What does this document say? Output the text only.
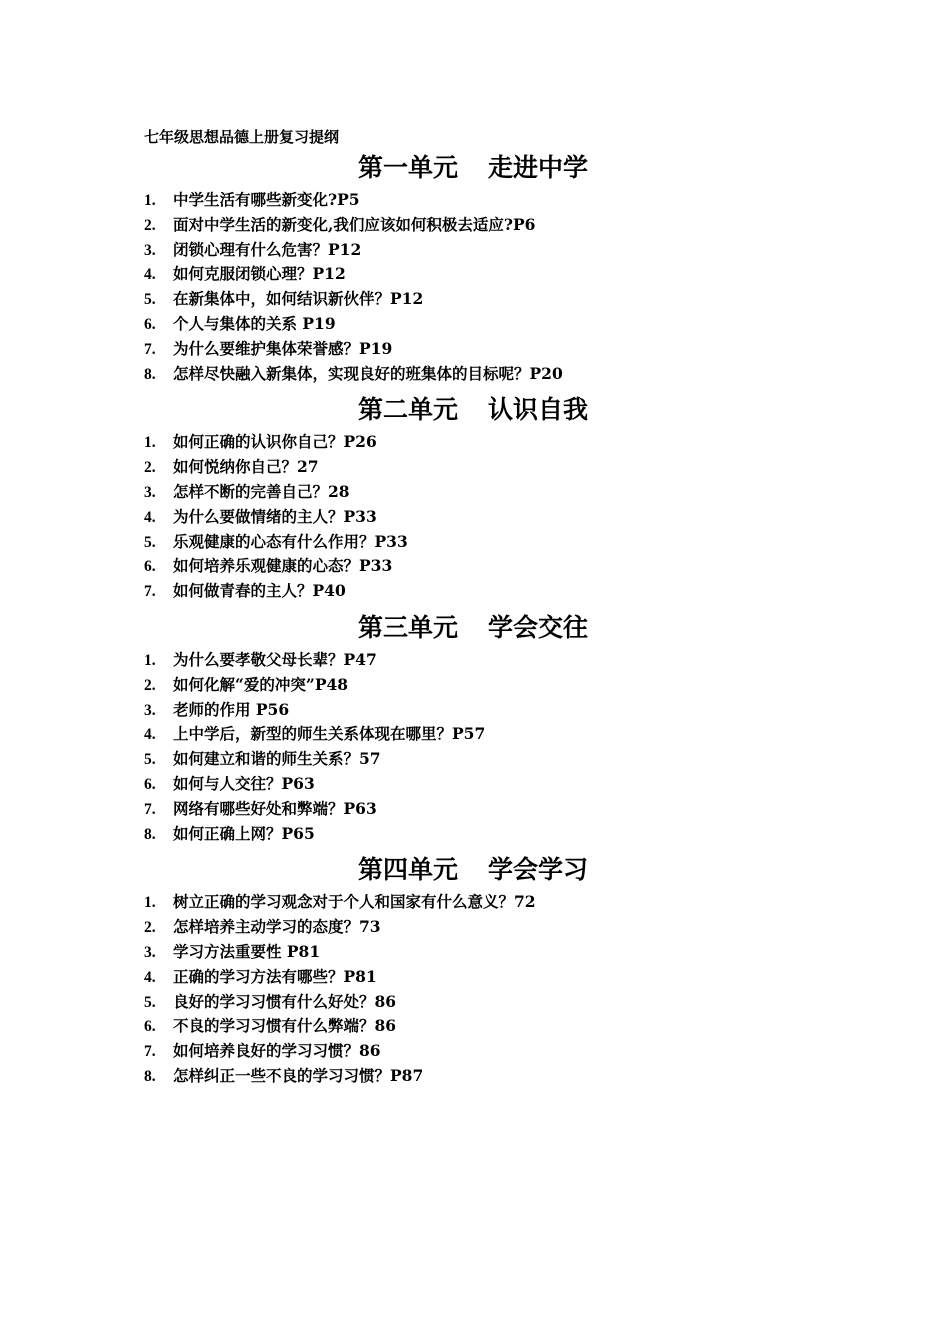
七年级思想品德上册复习提纲
第一单元 走进中学
1. 中学生活有哪些新变化?P5
2. 面对中学生活的新变化,我们应该如何积极去适应?P6
3. 闭锁心理有什么危害？P12
4. 如何克服闭锁心理？P12
5. 在新集体中，如何结识新伙伴？P12
6. 个人与集体的关系 P19
7. 为什么要维护集体荣誉感？P19
8. 怎样尽快融入新集体，实现良好的班集体的目标呢？P20
第二单元 认识自我
1. 如何正确的认识你自己？P26
2. 如何悦纳你自己？27
3. 怎样不断的完善自己？28
4. 为什么要做情绪的主人？P33
5. 乐观健康的心态有什么作用？P33
6. 如何培养乐观健康的心态？P33
7. 如何做青春的主人？P40
第三单元 学会交往
1. 为什么要孝敬父母长辈？P47
2. 如何化解“爱的冲突”P48
3. 老师的作用 P56
4. 上中学后，新型的师生关系体现在哪里？P57
5. 如何建立和谐的师生关系？57
6. 如何与人交往？P63
7. 网络有哪些好处和弊端？P63
8. 如何正确上网？P65
第四单元 学会学习
1. 树立正确的学习观念对于个人和国家有什么意义？72
2. 怎样培养主动学习的态度？73
3. 学习方法重要性 P81
4. 正确的学习方法有哪些？P81
5. 良好的学习习惯有什么好处？86
6. 不良的学习习惯有什么弊端？86
7. 如何培养良好的学习习惯？86
8. 怎样纠正一些不良的学习习惯？P87
